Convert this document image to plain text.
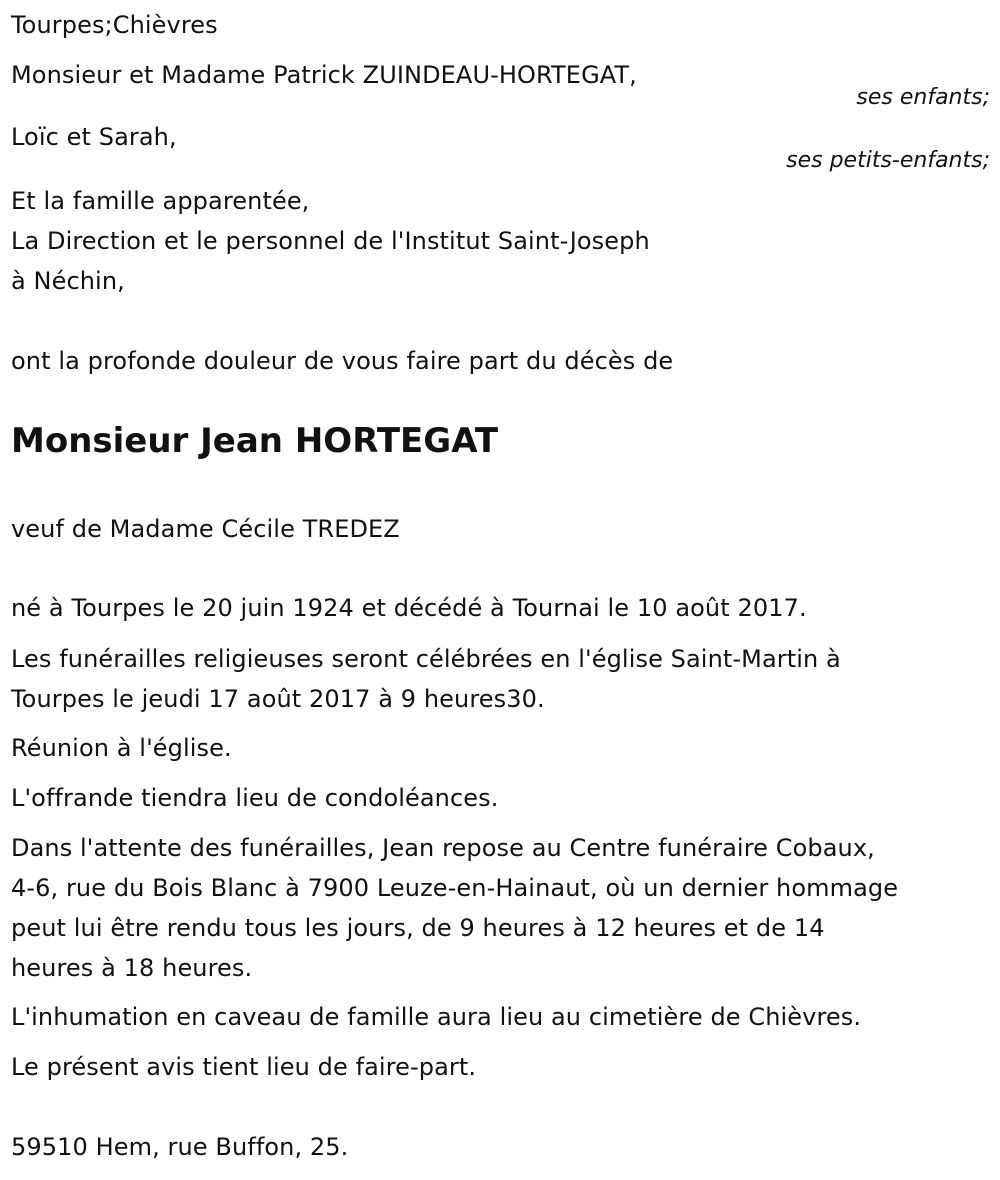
Tourpes;Chièvres
Monsieur et Madame Patrick ZUINDEAU-HORTEGAT,
ses enfants;
Loïc et Sarah,
ses petits-enfants;
Et la famille apparentée,
La Direction et le personnel de l'Institut Saint-Joseph
à Néchin,
ont la profonde douleur de vous faire part du décès de
Monsieur Jean HORTEGAT
veuf de Madame Cécile TREDEZ
né à Tourpes le 20 juin 1924 et décédé à Tournai le 10 août 2017.
Les funérailles religieuses seront célébrées en l'église Saint-Martin à
Tourpes le jeudi 17 août 2017 à 9 heures30.
Réunion à l'église.
L'offrande tiendra lieu de condoléances.
Dans l'attente des funérailles, Jean repose au Centre funéraire Cobaux,
4-6, rue du Bois Blanc à 7900 Leuze-en-Hainaut, où un dernier hommage
peut lui être rendu tous les jours, de 9 heures à 12 heures et de 14
heures à 18 heures.
L'inhumation en caveau de famille aura lieu au cimetière de Chièvres.
Le présent avis tient lieu de faire-part.
59510 Hem, rue Buffon, 25.
